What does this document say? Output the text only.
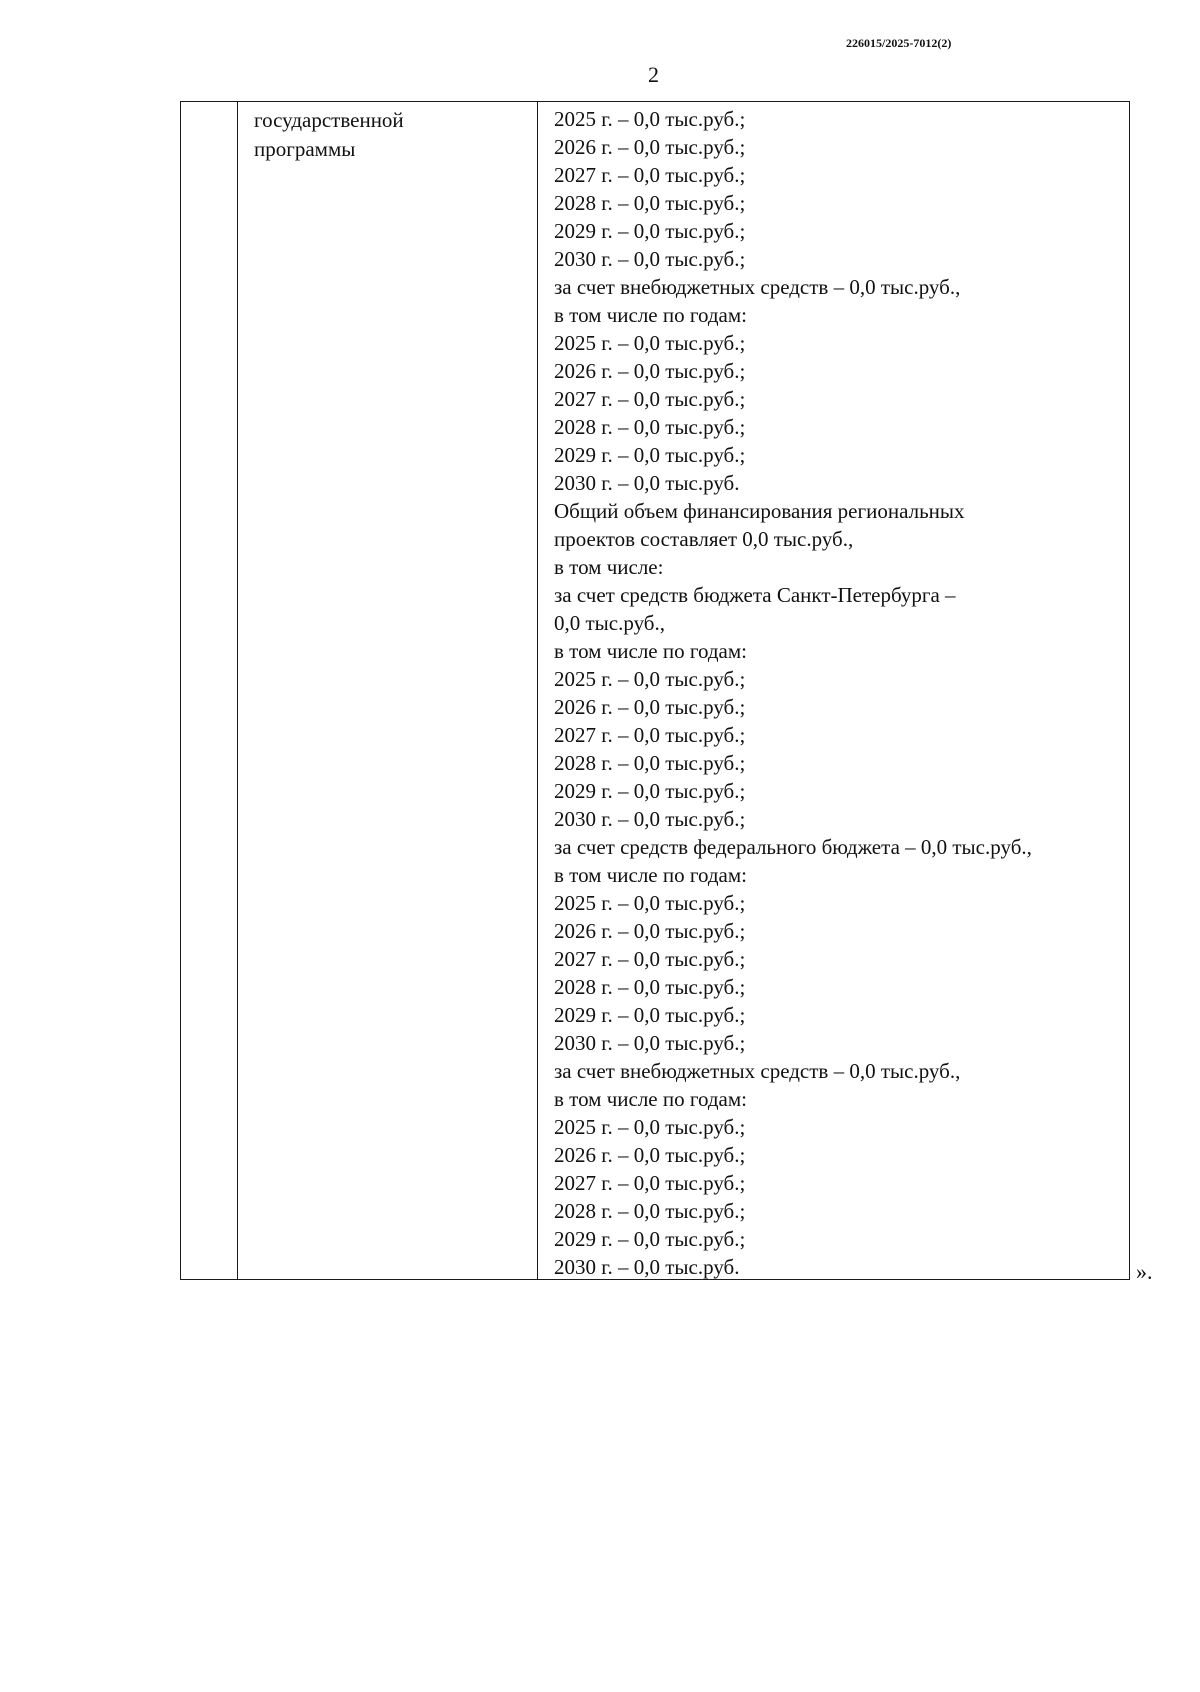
226015/2025-7012(2)
2
государственной
программы
2025 г. – 0,0 тыс.руб.;
2026 г. – 0,0 тыс.руб.;
2027 г. – 0,0 тыс.руб.;
2028 г. – 0,0 тыс.руб.;
2029 г. – 0,0 тыс.руб.;
2030 г. – 0,0 тыс.руб.;
за счет внебюджетных средств – 0,0 тыс.руб.,
в том числе по годам:
2025 г. – 0,0 тыс.руб.;
2026 г. – 0,0 тыс.руб.;
2027 г. – 0,0 тыс.руб.;
2028 г. – 0,0 тыс.руб.;
2029 г. – 0,0 тыс.руб.;
2030 г. – 0,0 тыс.руб.
Общий объем финансирования региональных
проектов составляет 0,0 тыс.руб.,
в том числе:
за счет средств бюджета Санкт-Петербурга –
0,0 тыс.руб.,
в том числе по годам:
2025 г. – 0,0 тыс.руб.;
2026 г. – 0,0 тыс.руб.;
2027 г. – 0,0 тыс.руб.;
2028 г. – 0,0 тыс.руб.;
2029 г. – 0,0 тыс.руб.;
2030 г. – 0,0 тыс.руб.;
за счет средств федерального бюджета – 0,0 тыс.руб.,
в том числе по годам:
2025 г. – 0,0 тыс.руб.;
2026 г. – 0,0 тыс.руб.;
2027 г. – 0,0 тыс.руб.;
2028 г. – 0,0 тыс.руб.;
2029 г. – 0,0 тыс.руб.;
2030 г. – 0,0 тыс.руб.;
за счет внебюджетных средств – 0,0 тыс.руб.,
в том числе по годам:
2025 г. – 0,0 тыс.руб.;
2026 г. – 0,0 тыс.руб.;
2027 г. – 0,0 тыс.руб.;
2028 г. – 0,0 тыс.руб.;
2029 г. – 0,0 тыс.руб.;
2030 г. – 0,0 тыс.руб.	».
